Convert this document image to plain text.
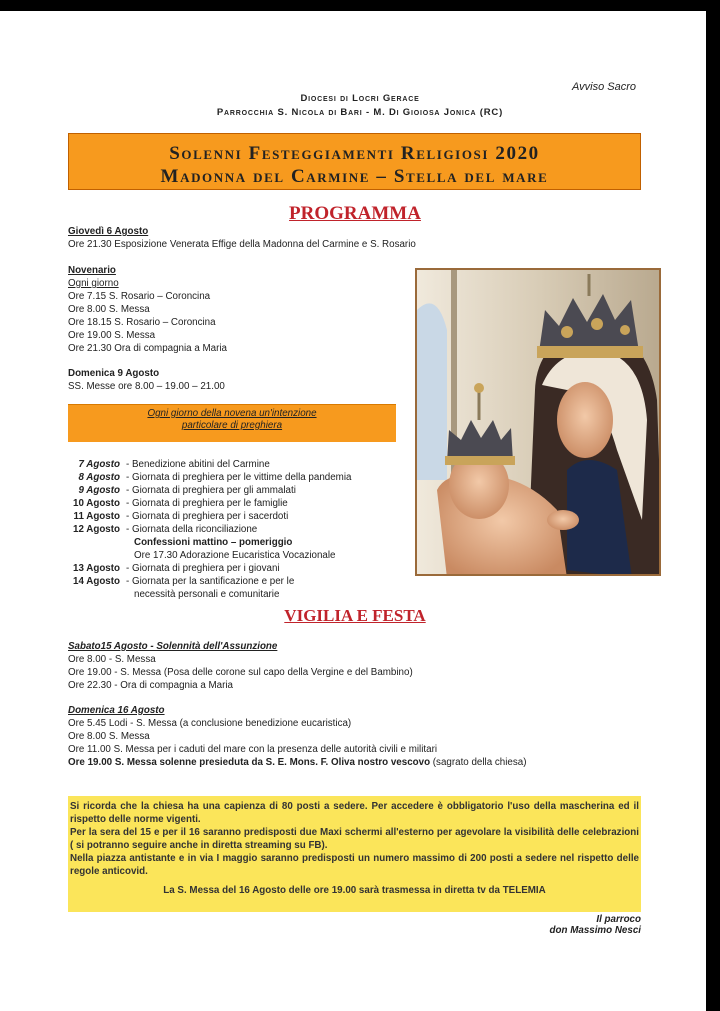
Avviso Sacro
Diocesi di Locri Gerace
Parrocchia S. Nicola di Bari - M. Di Gioiosa Jonica (RC)
Solenni Festeggiamenti Religiosi 2020
Madonna del Carmine – Stella del mare
PROGRAMMA
Giovedì 6 Agosto
Ore 21.30 Esposizione Venerata Effige della Madonna del Carmine e S. Rosario
Novenario
Ogni giorno
Ore 7.15 S. Rosario – Coroncina
Ore 8.00 S. Messa
Ore 18.15 S. Rosario – Coroncina
Ore 19.00 S. Messa
Ore 21.30 Ora di compagnia a Maria
Domenica 9 Agosto
SS. Messe ore 8.00 – 19.00 – 21.00
Ogni giorno della novena un'intenzione
particolare di preghiera
7 Agosto - Benedizione abitini del Carmine
8 Agosto - Giornata di preghiera per le vittime della pandemia
9 Agosto - Giornata di preghiera per gli ammalati
10 Agosto - Giornata di preghiera per le famiglie
11 Agosto - Giornata di preghiera per i sacerdoti
12 Agosto - Giornata della riconciliazione
Confessioni mattino – pomeriggio
Ore 17.30 Adorazione Eucaristica Vocazionale
13 Agosto - Giornata di preghiera per i giovani
14 Agosto - Giornata per la santificazione e per le
necessità personali e comunitarie
VIGILIA E FESTA
Sabato15 Agosto - Solennità dell'Assunzione
Ore 8.00 - S. Messa
Ore 19.00 - S. Messa (Posa delle corone sul capo della Vergine e del Bambino)
Ore 22.30 - Ora di compagnia a Maria
Domenica 16 Agosto
Ore 5.45 Lodi - S. Messa (a conclusione benedizione eucaristica)
Ore 8.00 S. Messa
Ore 11.00 S. Messa per i caduti del mare con la presenza delle autorità civili e militari
Ore 19.00 S. Messa solenne presieduta da S. E. Mons. F. Oliva nostro vescovo (sagrato della chiesa)

Si ricorda che la chiesa ha una capienza di 80 posti a sedere. Per accedere è obbligatorio l'uso della mascherina ed il rispetto delle norme vigenti.

Per la sera del 15 e per il 16 saranno predisposti due Maxi schermi all'esterno per agevolare la visibilità delle celebrazioni ( si potranno seguire anche in diretta streaming su FB).

Nella piazza antistante e in via I maggio saranno predisposti un numero massimo di 200 posti a sedere nel rispetto delle regole anticovid.

La S. Messa del 16 Agosto delle ore 19.00 sarà trasmessa in diretta tv da TELEMIA

Il parroco
don Massimo Nesci
